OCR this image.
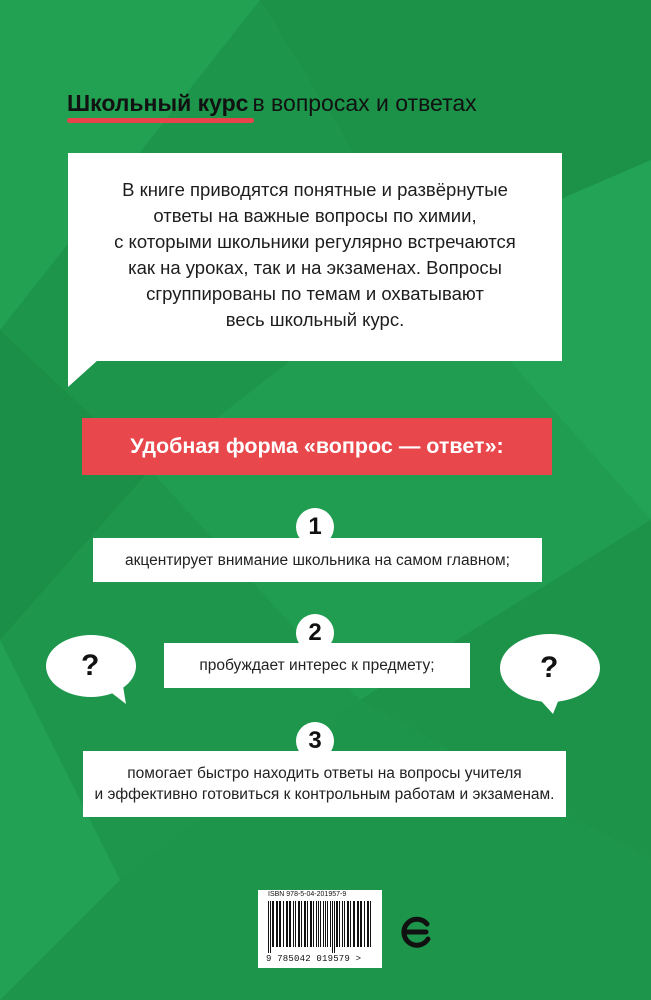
Школьный курс в вопросах и ответах
В книге приводятся понятные и развёрнутые
ответы на важные вопросы по химии,
с которыми школьники регулярно встречаются
как на уроках, так и на экзаменах. Вопросы
сгруппированы по темам и охватывают
весь школьный курс.
Удобная форма «вопрос — ответ»:
1
акцентирует внимание школьника на самом главном;
2
пробуждает интерес к предмету;
3
помогает быстро находить ответы на вопросы учителя
и эффективно готовиться к контрольным работам и экзаменам.
?	?
ISBN 978-5-04-201957-9
9 785042 019579 >
